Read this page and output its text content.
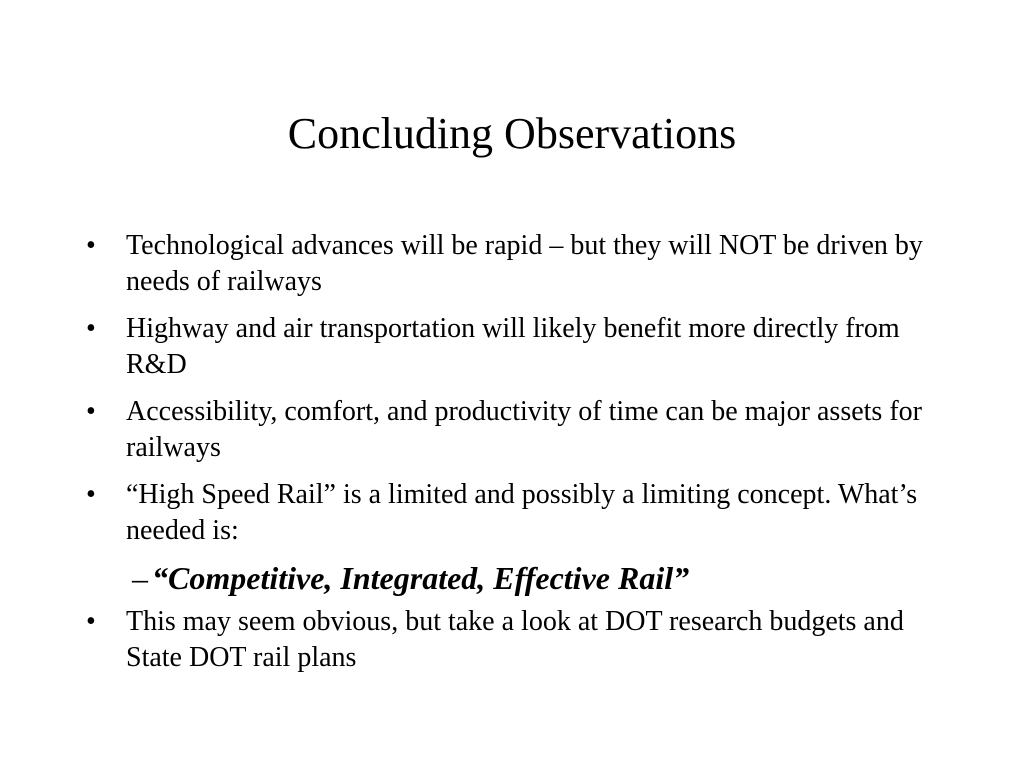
Concluding Observations
•	Technological advances will be rapid – but they will NOT be driven by needs of railways
•	Highway and air transportation will likely benefit more directly from R&D
•	Accessibility, comfort, and productivity of time can be major assets for railways
•	“High Speed Rail” is a limited and possibly a limiting concept. What’s needed is:
– “Competitive, Integrated, Effective Rail”
•	This may seem obvious, but take a look at DOT research budgets and State DOT rail plans
